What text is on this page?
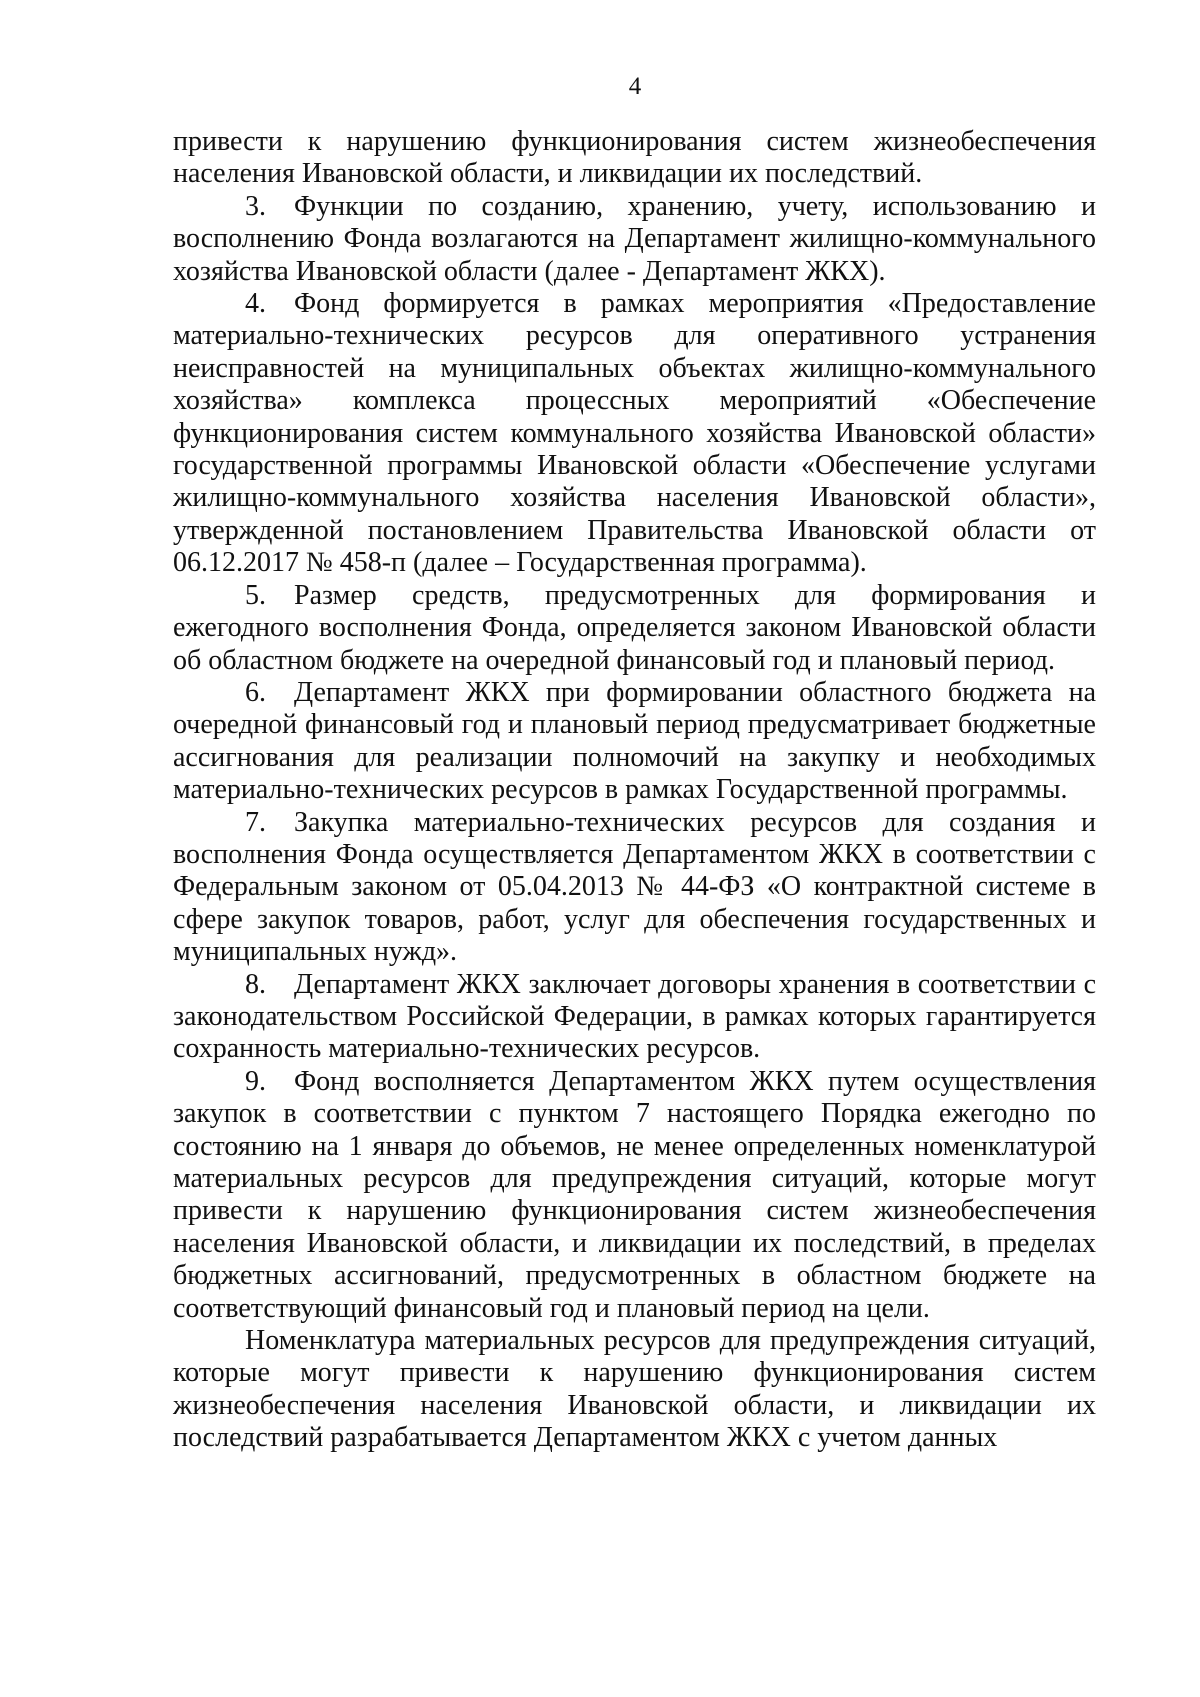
4

привести к нарушению функционирования систем жизнеобеспечения населения Ивановской области, и ликвидации их последствий.

3. Функции по созданию, хранению, учету, использованию и восполнению Фонда возлагаются на Департамент жилищно-коммунального хозяйства Ивановской области (далее - Департамент ЖКХ).

4. Фонд формируется в рамках мероприятия «Предоставление материально-технических ресурсов для оперативного устранения неисправностей на муниципальных объектах жилищно-коммунального хозяйства» комплекса процессных мероприятий «Обеспечение функционирования систем коммунального хозяйства Ивановской области» государственной программы Ивановской области «Обеспечение услугами жилищно-коммунального хозяйства населения Ивановской области», утвержденной постановлением Правительства Ивановской области от 06.12.2017 № 458-п (далее – Государственная программа).

5. Размер средств, предусмотренных для формирования и ежегодного восполнения Фонда, определяется законом Ивановской области об областном бюджете на очередной финансовый год и плановый период.

6. Департамент ЖКХ при формировании областного бюджета на очередной финансовый год и плановый период предусматривает бюджетные ассигнования для реализации полномочий на закупку и необходимых материально-технических ресурсов в рамках Государственной программы.

7. Закупка материально-технических ресурсов для создания и восполнения Фонда осуществляется Департаментом ЖКХ в соответствии с Федеральным законом от 05.04.2013 № 44-ФЗ «О контрактной системе в сфере закупок товаров, работ, услуг для обеспечения государственных и муниципальных нужд».

8. Департамент ЖКХ заключает договоры хранения в соответствии с законодательством Российской Федерации, в рамках которых гарантируется сохранность материально-технических ресурсов.

9. Фонд восполняется Департаментом ЖКХ путем осуществления закупок в соответствии с пунктом 7 настоящего Порядка ежегодно по состоянию на 1 января до объемов, не менее определенных номенклатурой материальных ресурсов для предупреждения ситуаций, которые могут привести к нарушению функционирования систем жизнеобеспечения населения Ивановской области, и ликвидации их последствий, в пределах бюджетных ассигнований, предусмотренных в областном бюджете на соответствующий финансовый год и плановый период на цели.

Номенклатура материальных ресурсов для предупреждения ситуаций, которые могут привести к нарушению функционирования систем жизнеобеспечения населения Ивановской области, и ликвидации их последствий разрабатывается Департаментом ЖКХ с учетом данных
